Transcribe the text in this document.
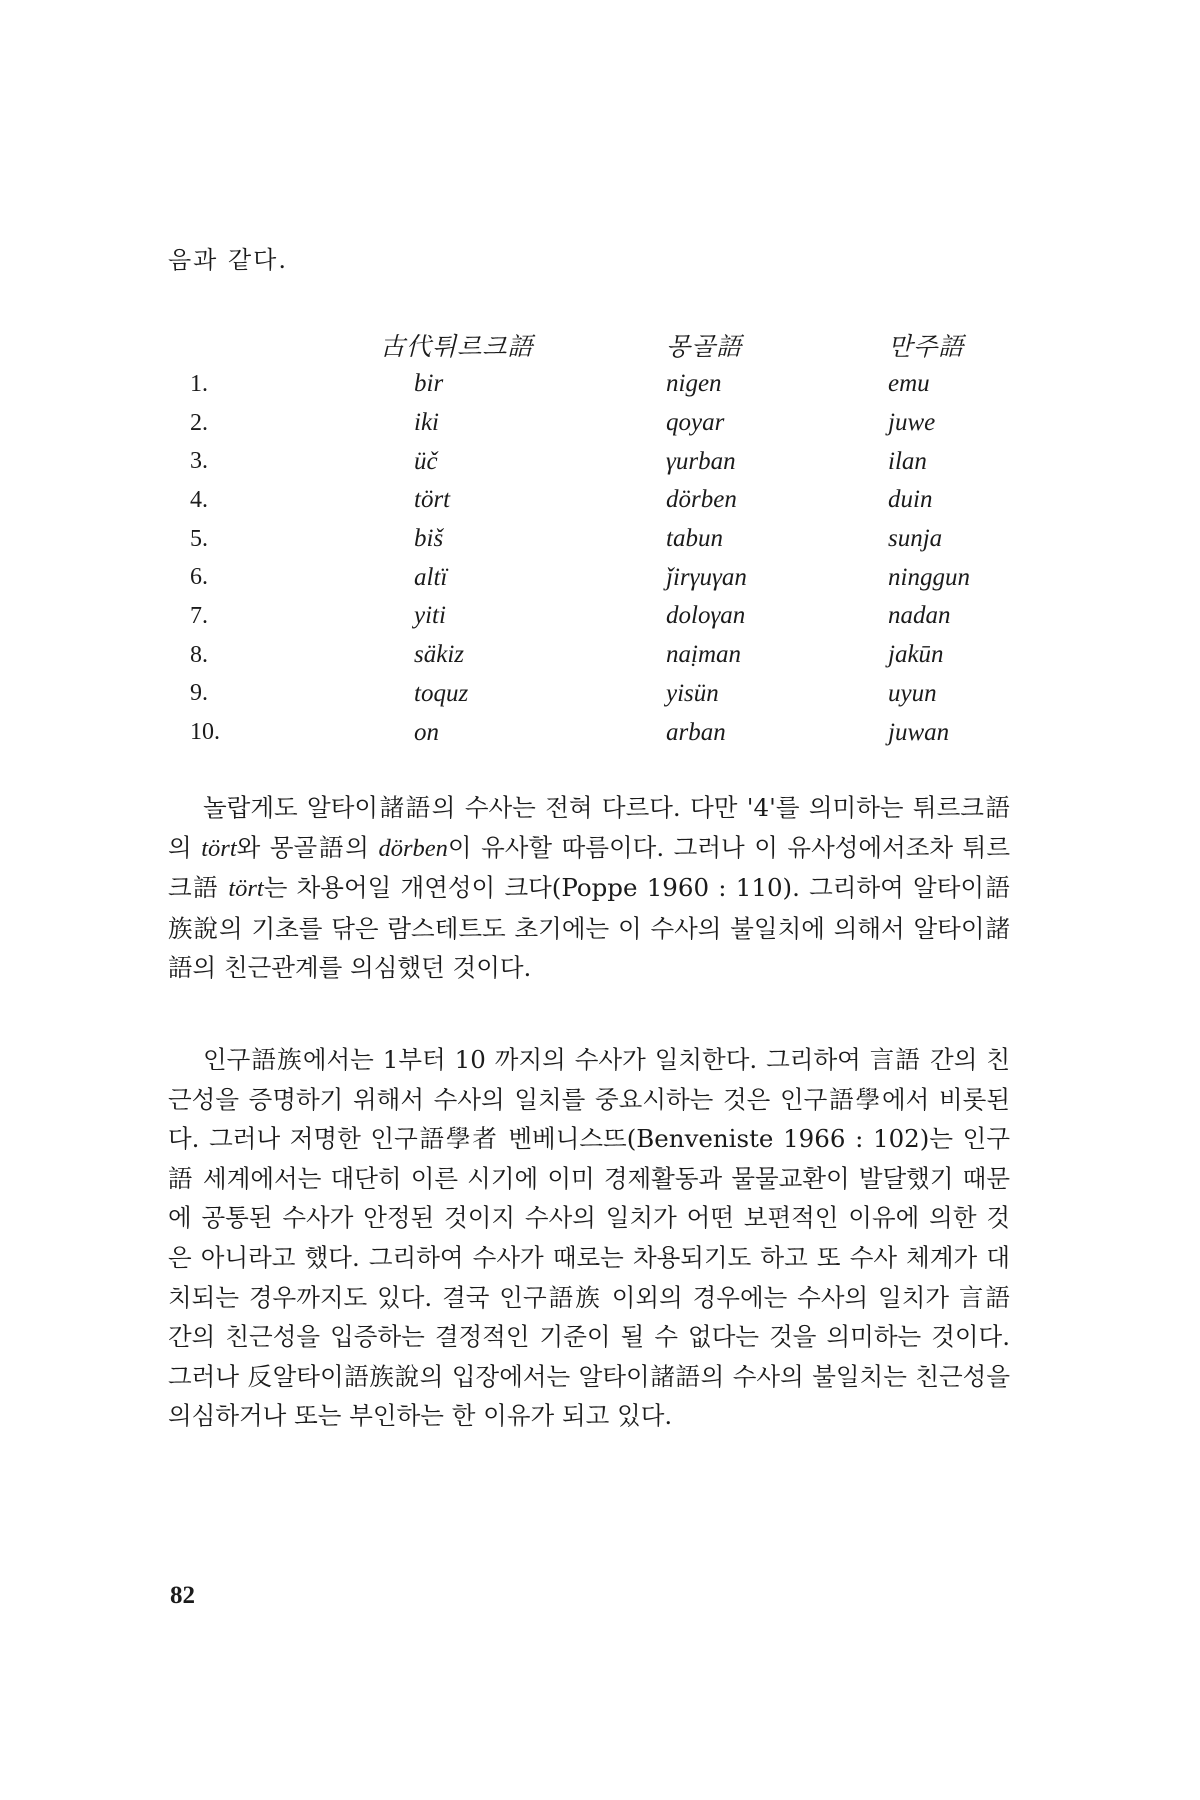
음과 같다.
	古代튀르크語	몽골語	만주語
1.	bir	nigen	emu
2.	iki	qoyar	juwe
3.	üč	γurban	ilan
4.	tört	dörben	duin
5.	biš	tabun	sunja
6.	altï	ǰirγuγan	ninggun
7.	yiti	doloγan	nadan
8.	säkiz	naịman	jakūn
9.	toquz	yisün	uyun
10.	on	arban	juwan
놀랍게도 알타이諸語의 수사는 전혀 다르다. 다만 '4'를 의미하는 튀르크語의 tört와 몽골語의 dörben이 유사할 따름이다. 그러나 이 유사성에서조차 튀르크語 tört는 차용어일 개연성이 크다(Poppe 1960 : 110). 그리하여 알타이語族說의 기초를 닦은 람스테트도 초기에는 이 수사의 불일치에 의해서 알타이諸語의 친근관계를 의심했던 것이다.
인구語族에서는 1부터 10 까지의 수사가 일치한다. 그리하여 言語 간의 친근성을 증명하기 위해서 수사의 일치를 중요시하는 것은 인구語學에서 비롯된다. 그러나 저명한 인구語學者 벤베니스뜨(Benveniste 1966 : 102)는 인구語 세계에서는 대단히 이른 시기에 이미 경제활동과 물물교환이 발달했기 때문에 공통된 수사가 안정된 것이지 수사의 일치가 어떤 보편적인 이유에 의한 것은 아니라고 했다. 그리하여 수사가 때로는 차용되기도 하고 또 수사 체계가 대치되는 경우까지도 있다. 결국 인구語族 이외의 경우에는 수사의 일치가 言語 간의 친근성을 입증하는 결정적인 기준이 될 수 없다는 것을 의미하는 것이다. 그러나 反알타이語族說의 입장에서는 알타이諸語의 수사의 불일치는 친근성을 의심하거나 또는 부인하는 한 이유가 되고 있다.
82
